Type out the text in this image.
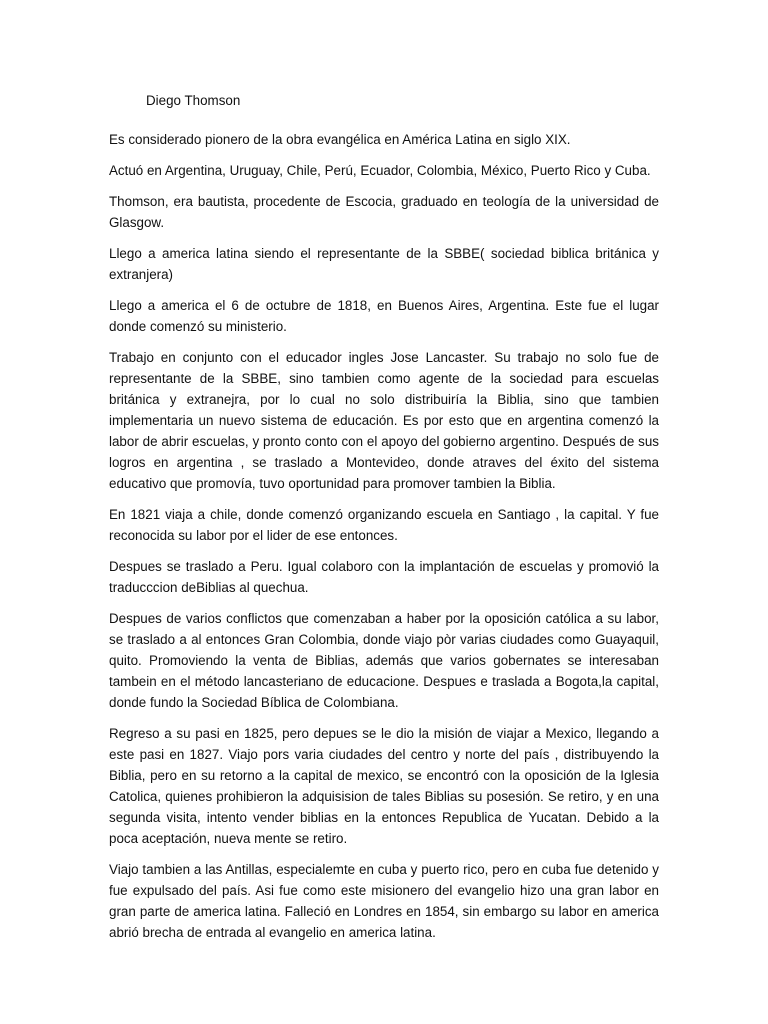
Diego Thomson

Es considerado pionero de la obra evangélica en América Latina en siglo XIX.

Actuó en Argentina, Uruguay, Chile, Perú, Ecuador, Colombia, México, Puerto Rico y Cuba.

Thomson, era bautista, procedente de Escocia, graduado en teología de la universidad de Glasgow.

Llego a america latina siendo el representante de la SBBE( sociedad biblica británica y extranjera)

Llego a america el 6 de octubre de 1818, en Buenos Aires, Argentina. Este fue el lugar donde comenzó su ministerio.

Trabajo en conjunto con el educador ingles Jose Lancaster. Su trabajo no solo fue de representante de la SBBE, sino tambien como agente de la sociedad para escuelas británica y extranejra, por lo cual no solo distribuiría la Biblia, sino que tambien implementaria un nuevo sistema de educación. Es por esto que en argentina comenzó la labor de abrir escuelas, y pronto conto con el apoyo del gobierno argentino. Después de sus logros en argentina , se traslado a Montevideo, donde atraves del éxito del sistema educativo que promovía, tuvo oportunidad para promover tambien la Biblia.

En 1821 viaja a chile, donde comenzó organizando escuela en Santiago , la capital. Y fue reconocida su labor por el lider de ese entonces.

Despues se traslado a Peru. Igual colaboro con la implantación de escuelas y promovió la traducccion deBiblias al quechua.

Despues de varios conflictos que comenzaban a haber por la oposición católica a su labor, se traslado a al entonces Gran Colombia, donde viajo pòr varias ciudades como Guayaquil, quito. Promoviendo la venta de Biblias, además que varios gobernates se interesaban tambein en el método lancasteriano de educacione. Despues e traslada a Bogota,la capital, donde fundo la Sociedad Bíblica de Colombiana.

Regreso a su pasi en 1825, pero depues se le dio la misión de viajar a Mexico, llegando a este pasi en 1827. Viajo pors varia ciudades del centro y norte del país , distribuyendo la Biblia, pero en su retorno a la capital de mexico, se encontró con la oposición de la Iglesia Catolica, quienes prohibieron la adquisision de tales Biblias su posesión. Se retiro, y en una segunda visita, intento vender biblias en la entonces Republica de Yucatan. Debido a la poca aceptación, nueva mente se retiro.

Viajo tambien a las Antillas, especialemte en cuba y puerto rico, pero en cuba fue detenido y fue expulsado del país. Asi fue como este misionero del evangelio hizo una gran labor en gran parte de america latina. Falleció en Londres en 1854, sin embargo su labor en america abrió brecha de entrada al evangelio en america latina.
